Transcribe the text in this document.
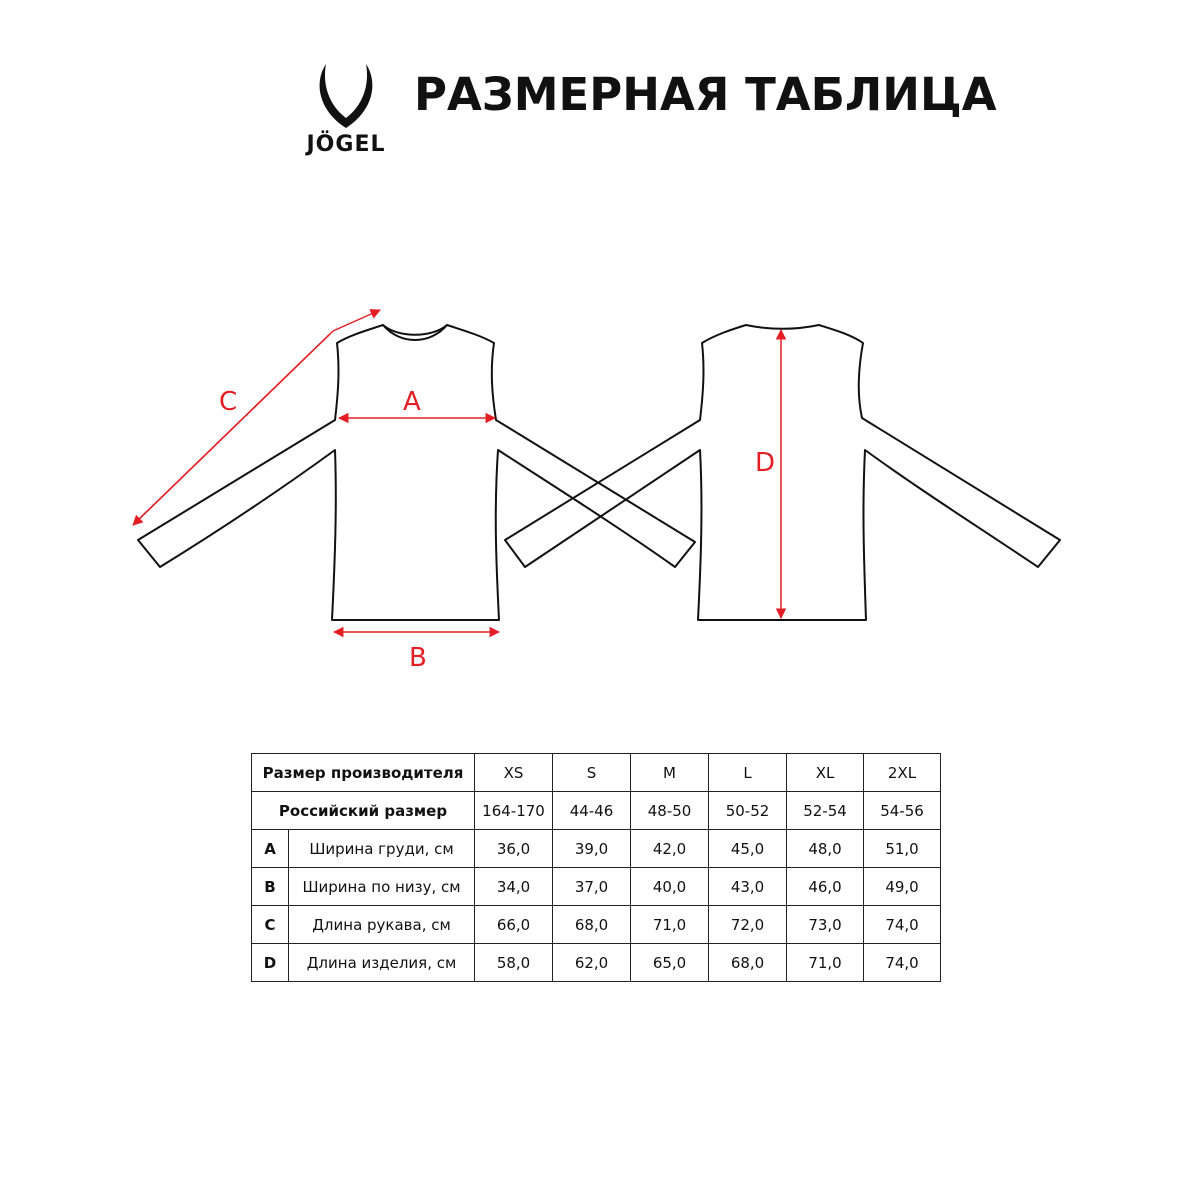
JÖGEL
РАЗМЕРНАЯ ТАБЛИЦА
C	A
B
D
Размер производителя		XS	S	M	L	XL	2XL
Российский размер		164-170	44-46	48-50	50-52	52-54	54-56
A	Ширина груди, см	36,0	39,0	42,0	45,0	48,0	51,0
B	Ширина по низу, см	34,0	37,0	40,0	43,0	46,0	49,0
C	Длина рукава, см	66,0	68,0	71,0	72,0	73,0	74,0
D	Длина изделия, см	58,0	62,0	65,0	68,0	71,0	74,0
